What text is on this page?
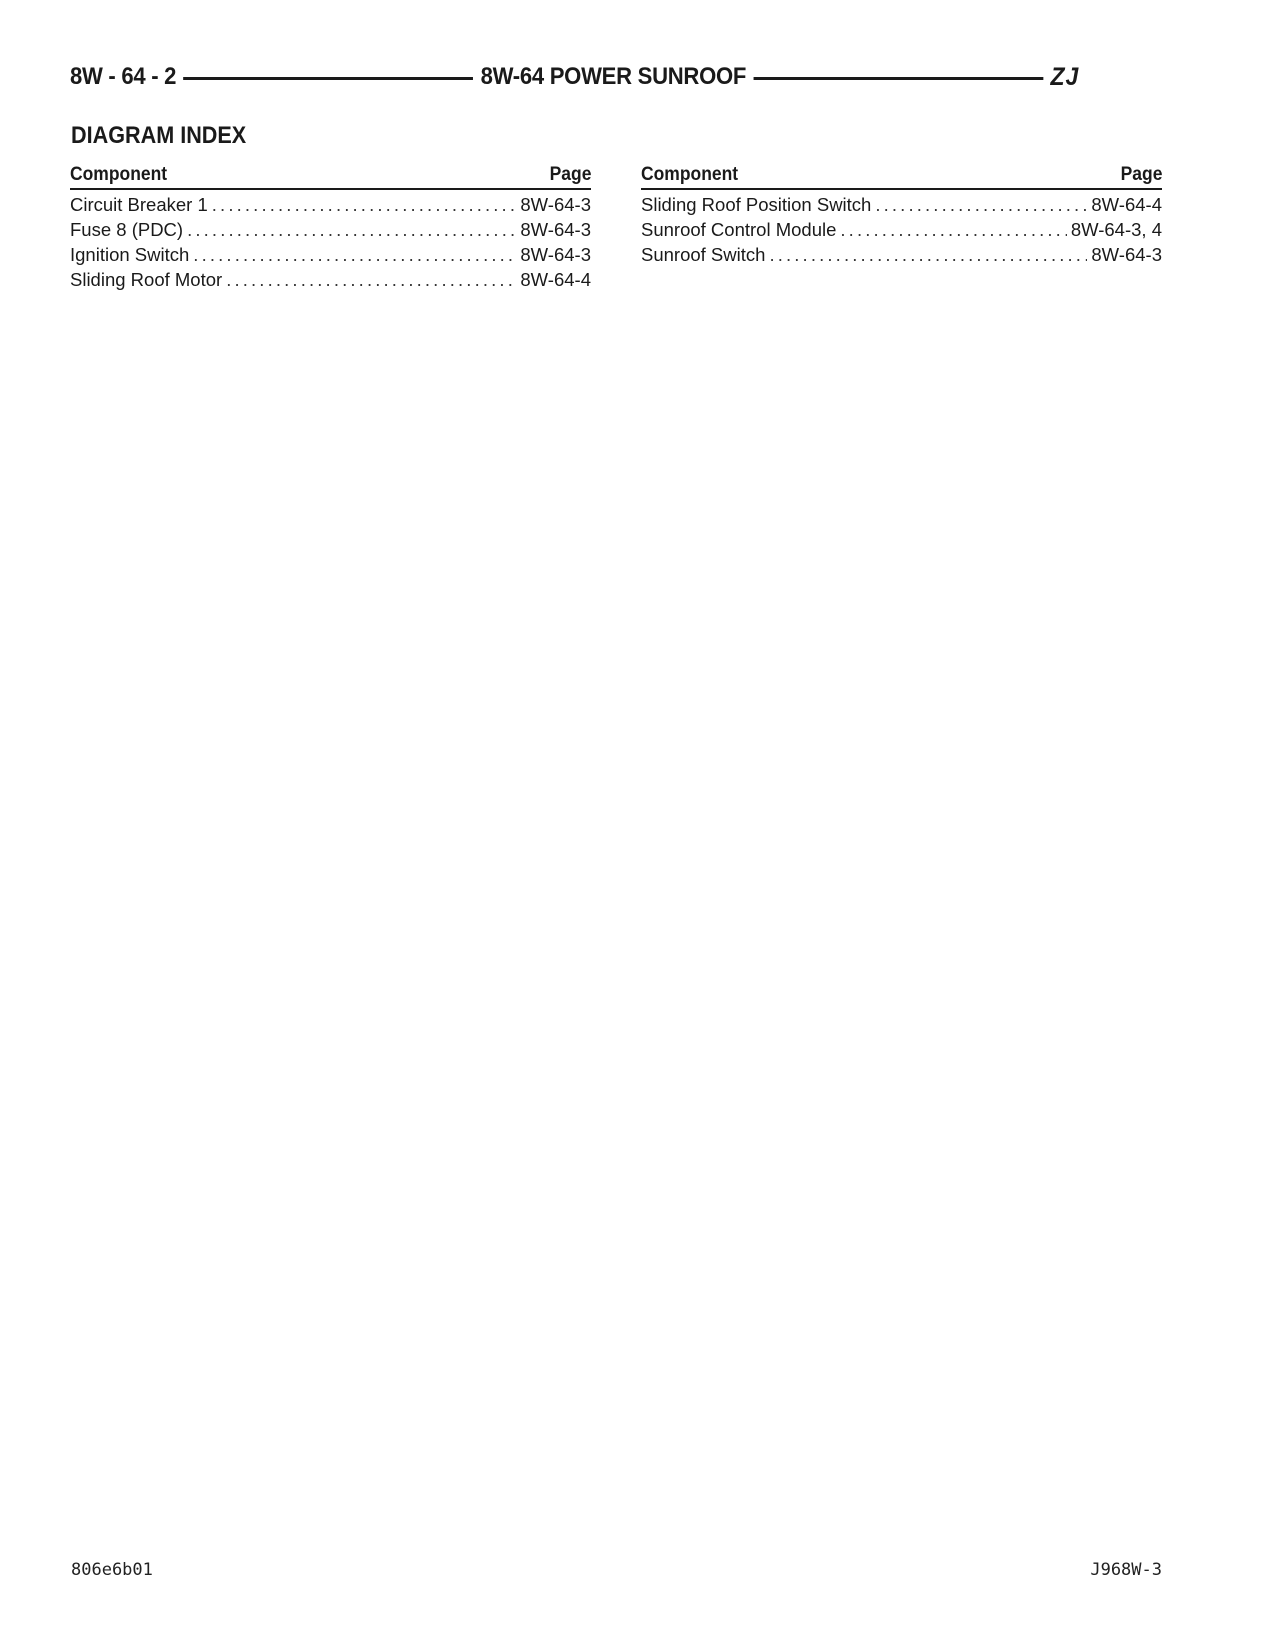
8W - 64 - 2	8W-64 POWER SUNROOF	ZJ
DIAGRAM INDEX
Component	Page
Circuit Breaker 1 . . .	8W-64-3
Fuse 8 (PDC) . . .	8W-64-3
Ignition Switch . . .	8W-64-3
Sliding Roof Motor . . .	8W-64-4
Component	Page
Sliding Roof Position Switch . . .	8W-64-4
Sunroof Control Module . . .	8W-64-3, 4
Sunroof Switch . . .	8W-64-3
806e6b01	J968W-3
